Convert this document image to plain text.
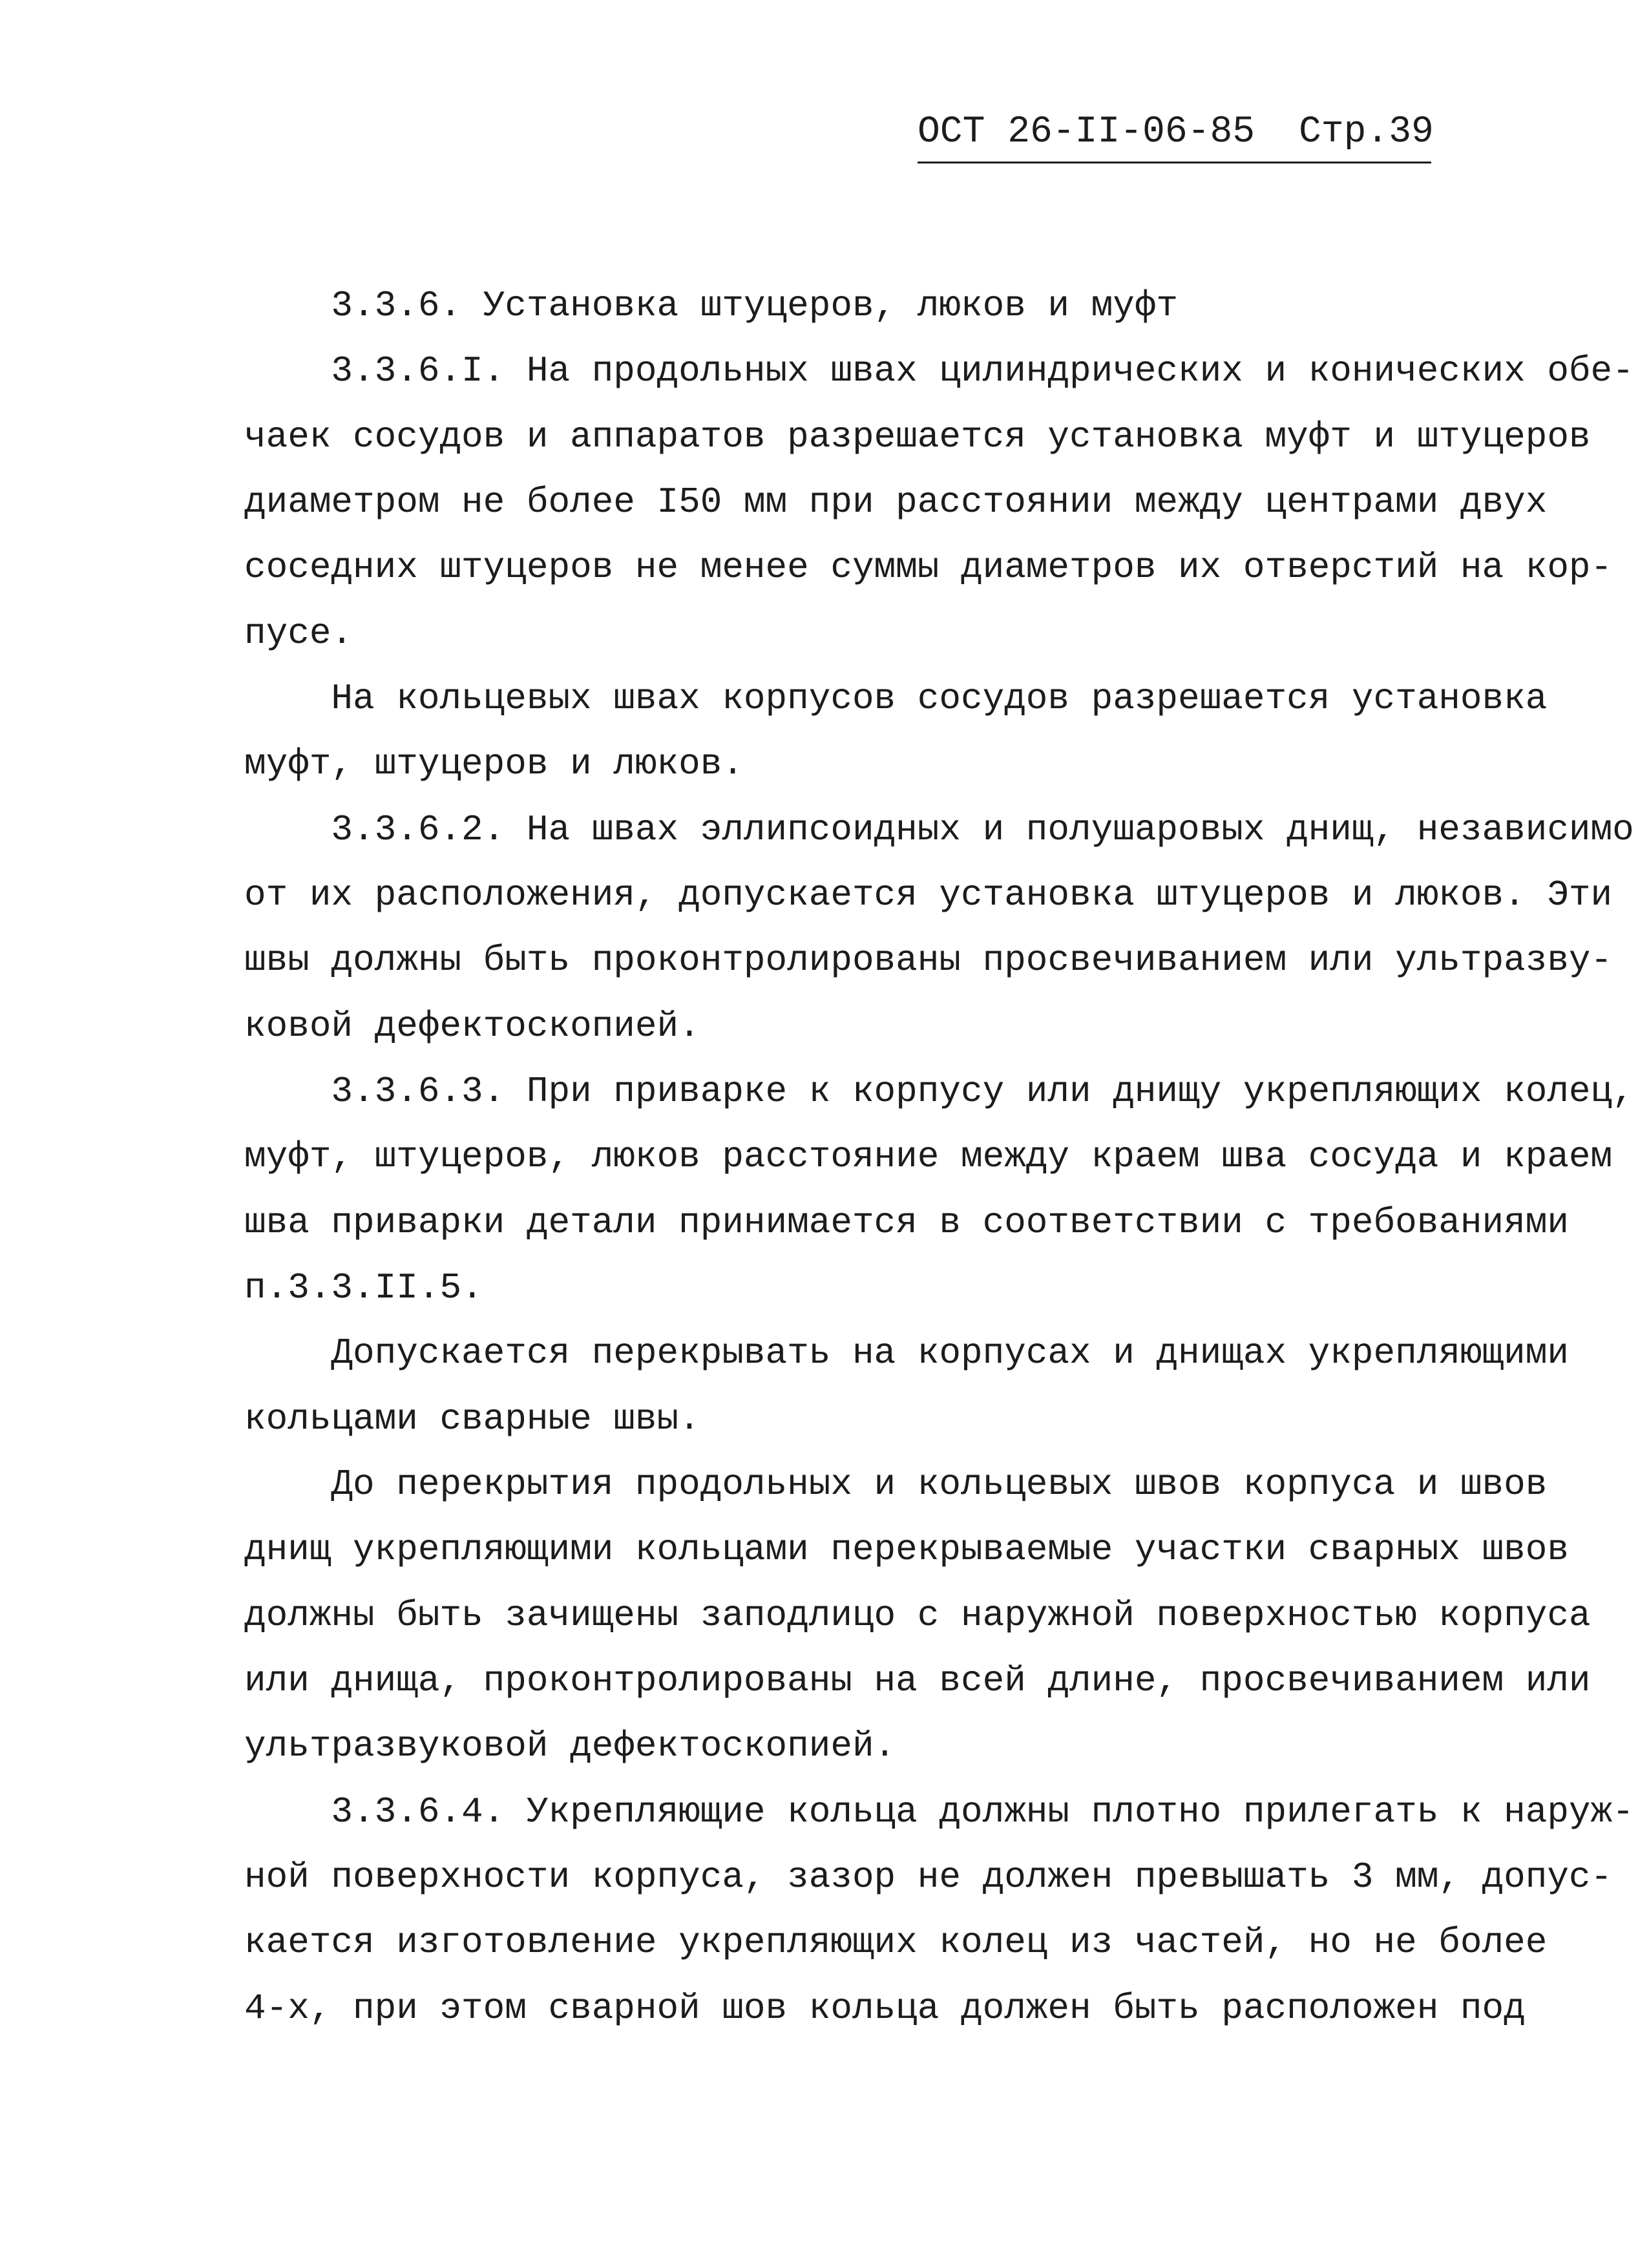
ОСТ 26-II-06-85 Стр.39
3.3.6. Установка штуцеров, люков и муфт
3.3.6.I. На продольных швах цилиндрических и конических обе-
чаек сосудов и аппаратов разрешается установка муфт и штуцеров
диаметром не более I50 мм при расстоянии между центрами двух
соседних штуцеров не менее суммы диаметров их отверстий на кор-
пусе.
На кольцевых швах корпусов сосудов разрешается установка
муфт, штуцеров и люков.
3.3.6.2. На швах эллипсоидных и полушаровых днищ, независимо
от их расположения, допускается установка штуцеров и люков. Эти
швы должны быть проконтролированы просвечиванием или ультразву-
ковой дефектоскопией.
3.3.6.3. При приварке к корпусу или днищу укрепляющих колец,
муфт, штуцеров, люков расстояние между краем шва сосуда и краем
шва приварки детали принимается в соответствии с требованиями
п.3.3.II.5.
Допускается перекрывать на корпусах и днищах укрепляющими
кольцами сварные швы.
До перекрытия продольных и кольцевых швов корпуса и швов
днищ укрепляющими кольцами перекрываемые участки сварных швов
должны быть зачищены заподлицо с наружной поверхностью корпуса
или днища, проконтролированы на всей длине, просвечиванием или
ультразвуковой дефектоскопией.
3.3.6.4. Укрепляющие кольца должны плотно прилегать к наруж-
ной поверхности корпуса, зазор не должен превышать 3 мм, допус-
кается изготовление укрепляющих колец из частей, но не более
4-х, при этом сварной шов кольца должен быть расположен под
